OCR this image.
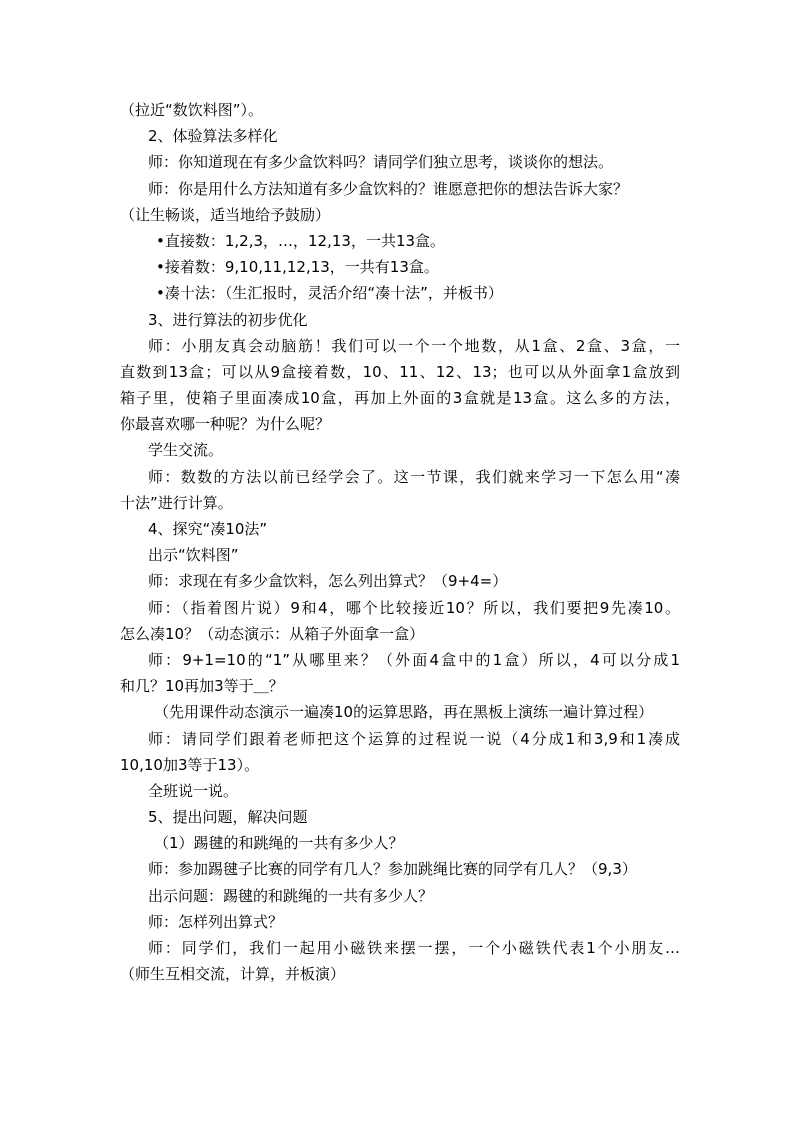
（拉近“数饮料图”）。
2、体验算法多样化
师：你知道现在有多少盒饮料吗？请同学们独立思考，谈谈你的想法。
师：你是用什么方法知道有多少盒饮料的？谁愿意把你的想法告诉大家？
（让生畅谈，适当地给予鼓励）
•直接数：1,2,3，…，12,13，一共13盒。
•接着数：9,10,11,12,13，一共有13盒。
•凑十法：（生汇报时，灵活介绍“凑十法”，并板书）
3、进行算法的初步优化
师：小朋友真会动脑筋！我们可以一个一个地数，从1盒、2盒、3盒，一
直数到13盒；可以从9盒接着数，10、11、12、13；也可以从外面拿1盒放到
箱子里，使箱子里面凑成10盒，再加上外面的3盒就是13盒。这么多的方法，
你最喜欢哪一种呢？为什么呢？
学生交流。
师：数数的方法以前已经学会了。这一节课，我们就来学习一下怎么用“凑
十法”进行计算。
4、探究“凑10法”
出示“饮料图”
师：求现在有多少盒饮料，怎么列出算式？（9+4=）
师：（指着图片说）9和4，哪个比较接近10？所以，我们要把9先凑10。
怎么凑10？（动态演示：从箱子外面拿一盒）
师：9+1=10的“1”从哪里来？（外面4盒中的1盒）所以，4可以分成1
和几？10再加3等于＿？
（先用课件动态演示一遍凑10的运算思路，再在黑板上演练一遍计算过程）
师：请同学们跟着老师把这个运算的过程说一说（4分成1和3,9和1凑成
10,10加3等于13）。
全班说一说。
5、提出问题，解决问题
（1）踢毽的和跳绳的一共有多少人？
师：参加踢毽子比赛的同学有几人？参加跳绳比赛的同学有几人？（9,3）
出示问题：踢毽的和跳绳的一共有多少人？
师：怎样列出算式？
师：同学们，我们一起用小磁铁来摆一摆，一个小磁铁代表1个小朋友…
（师生互相交流，计算，并板演）
